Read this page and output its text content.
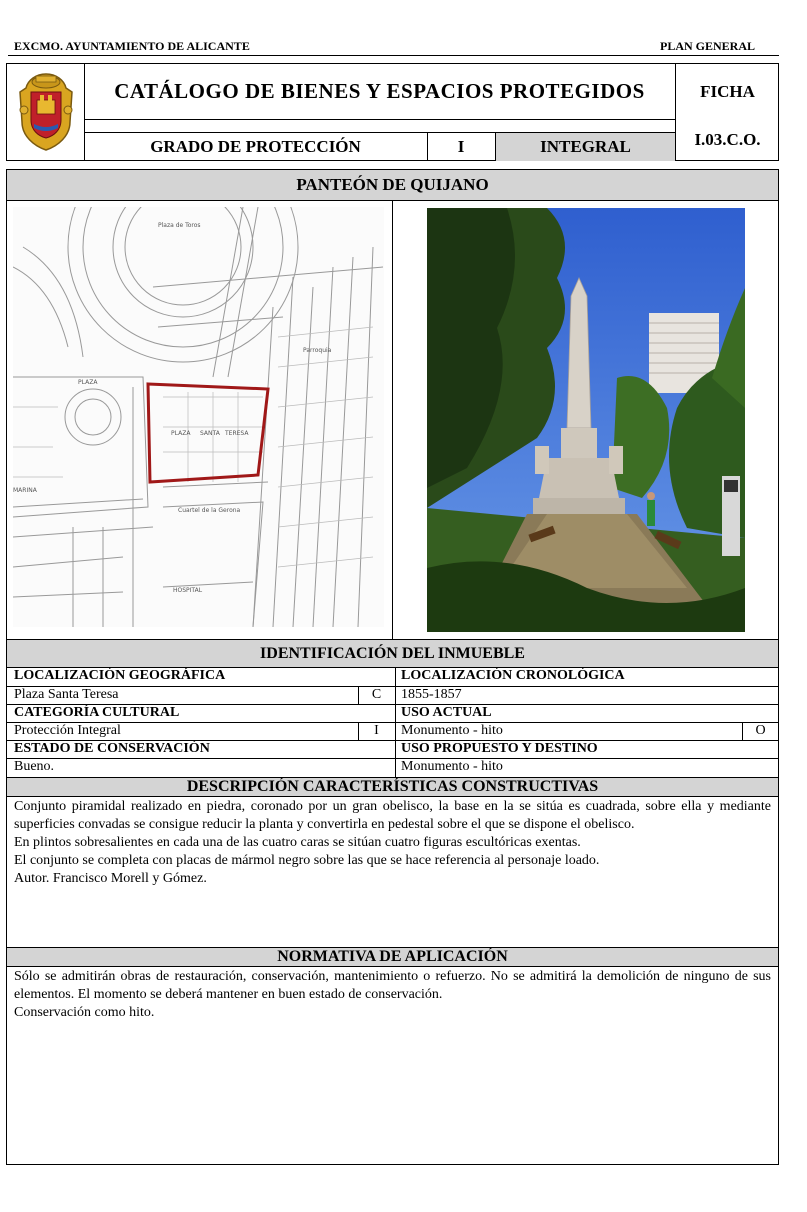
EXCMO. AYUNTAMIENTO DE ALICANTE	PLAN GENERAL
CATÁLOGO DE BIENES Y ESPACIOS PROTEGIDOS
GRADO DE PROTECCIÓN	I	INTEGRAL
FICHA
I.03.C.O.
PANTEÓN DE QUIJANO
PLAZA SANTA TERESA
Plaza de Toros
Parroquia
PLAZA
MARINA
Cuartel de la Gerona
HOSPITAL
IDENTIFICACIÓN DEL INMUEBLE
LOCALIZACIÓN GEOGRÁFICA	LOCALIZACIÓN CRONOLÓGICA
Plaza Santa Teresa	C	1855-1857
CATEGORÍA CULTURAL	USO ACTUAL
Protección Integral	I	Monumento - hito	O
ESTADO DE CONSERVACIÓN	USO PROPUESTO Y DESTINO
Bueno.	Monumento - hito
DESCRIPCIÓN CARACTERÍSTICAS CONSTRUCTIVAS
Conjunto piramidal realizado en piedra, coronado por un gran obelisco, la base en la se sitúa es cuadrada, sobre ella y mediante superficies convadas se consigue reducir la planta y convertirla en pedestal sobre el que se dispone el obelisco.
En plintos sobresalientes en cada una de las cuatro caras se sitúan cuatro figuras escultóricas exentas.
El conjunto se completa con placas de mármol negro sobre las que se hace referencia al personaje loado.
Autor. Francisco Morell y Gómez.
NORMATIVA DE APLICACIÓN
Sólo se admitirán obras de restauración, conservación, mantenimiento o refuerzo. No se admitirá la demolición de ninguno de sus elementos. El momento se deberá mantener en buen estado de conservación.
Conservación como hito.
